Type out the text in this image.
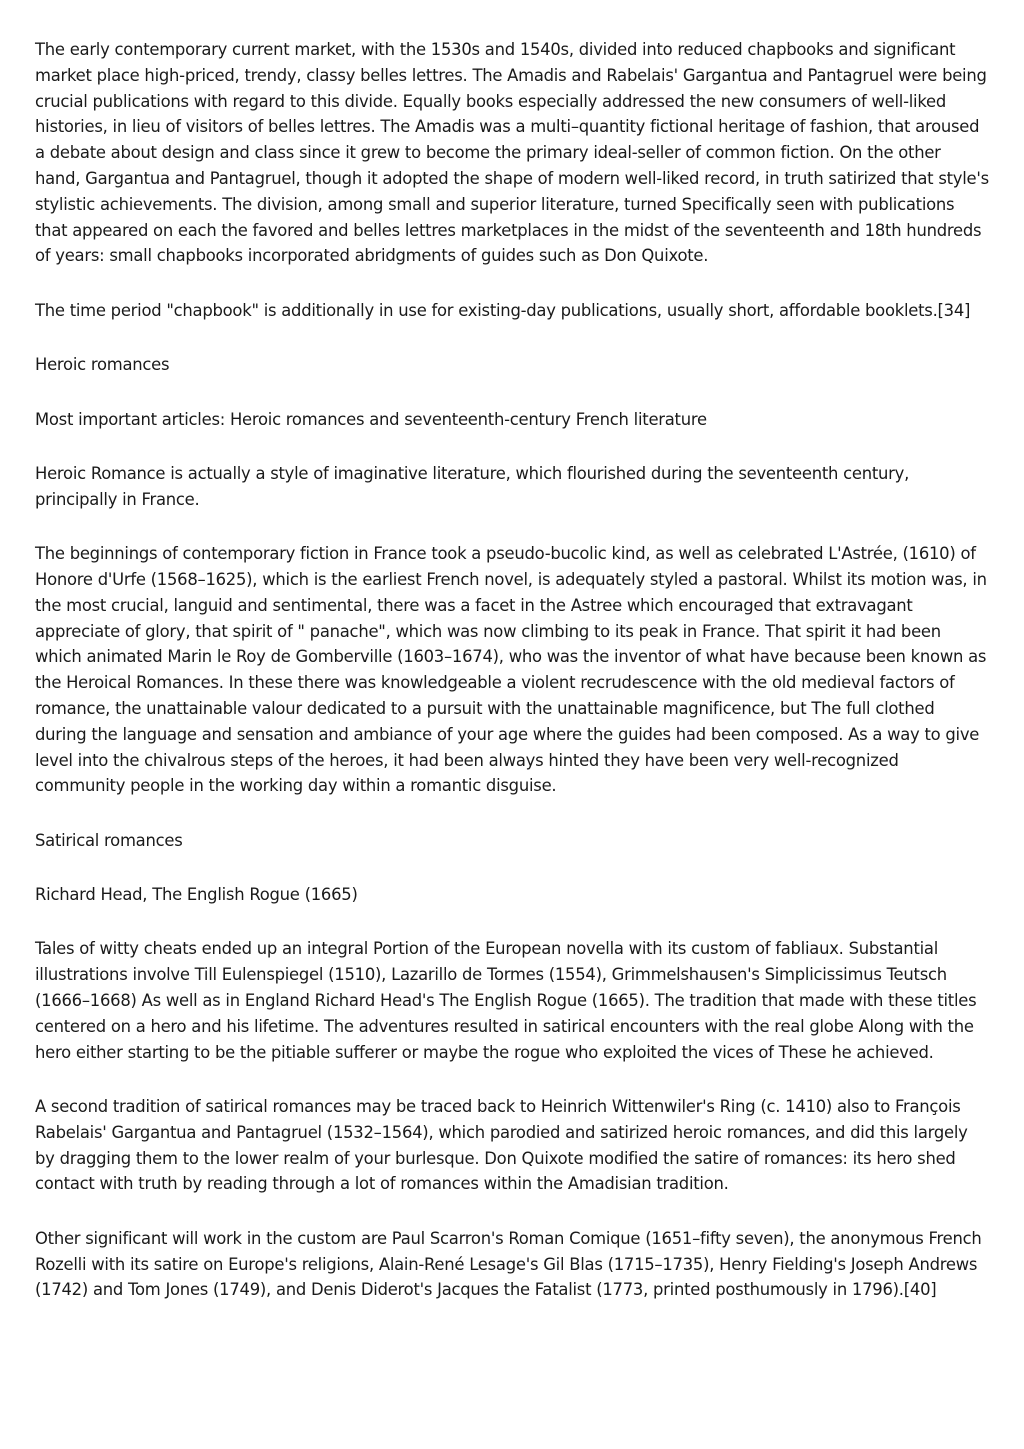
The early contemporary current market, with the 1530s and 1540s, divided into reduced chapbooks and significant market place high-priced, trendy, classy belles lettres. The Amadis and Rabelais' Gargantua and Pantagruel were being crucial publications with regard to this divide. Equally books especially addressed the new consumers of well-liked histories, in lieu of visitors of belles lettres. The Amadis was a multi–quantity fictional heritage of fashion, that aroused a debate about design and class since it grew to become the primary ideal-seller of common fiction. On the other hand, Gargantua and Pantagruel, though it adopted the shape of modern well-liked record, in truth satirized that style's stylistic achievements. The division, among small and superior literature, turned Specifically seen with publications that appeared on each the favored and belles lettres marketplaces in the midst of the seventeenth and 18th hundreds of years: small chapbooks incorporated abridgments of guides such as Don Quixote.

The time period "chapbook" is additionally in use for existing-day publications, usually short, affordable booklets.[34]

Heroic romances

Most important articles: Heroic romances and seventeenth-century French literature

Heroic Romance is actually a style of imaginative literature, which flourished during the seventeenth century, principally in France.

The beginnings of contemporary fiction in France took a pseudo-bucolic kind, as well as celebrated L'Astrée, (1610) of Honore d'Urfe (1568–1625), which is the earliest French novel, is adequately styled a pastoral. Whilst its motion was, in the most crucial, languid and sentimental, there was a facet in the Astree which encouraged that extravagant appreciate of glory, that spirit of " panache", which was now climbing to its peak in France. That spirit it had been which animated Marin le Roy de Gomberville (1603–1674), who was the inventor of what have because been known as the Heroical Romances. In these there was knowledgeable a violent recrudescence with the old medieval factors of romance, the unattainable valour dedicated to a pursuit with the unattainable magnificence, but The full clothed during the language and sensation and ambiance of your age where the guides had been composed. As a way to give level into the chivalrous steps of the heroes, it had been always hinted they have been very well-recognized community people in the working day within a romantic disguise.

Satirical romances

Richard Head, The English Rogue (1665)

Tales of witty cheats ended up an integral Portion of the European novella with its custom of fabliaux. Substantial illustrations involve Till Eulenspiegel (1510), Lazarillo de Tormes (1554), Grimmelshausen's Simplicissimus Teutsch (1666–1668) As well as in England Richard Head's The English Rogue (1665). The tradition that made with these titles centered on a hero and his lifetime. The adventures resulted in satirical encounters with the real globe Along with the hero either starting to be the pitiable sufferer or maybe the rogue who exploited the vices of These he achieved.

A second tradition of satirical romances may be traced back to Heinrich Wittenwiler's Ring (c. 1410) also to François Rabelais' Gargantua and Pantagruel (1532–1564), which parodied and satirized heroic romances, and did this largely by dragging them to the lower realm of your burlesque. Don Quixote modified the satire of romances: its hero shed contact with truth by reading through a lot of romances within the Amadisian tradition.

Other significant will work in the custom are Paul Scarron's Roman Comique (1651–fifty seven), the anonymous French Rozelli with its satire on Europe's religions, Alain-René Lesage's Gil Blas (1715–1735), Henry Fielding's Joseph Andrews (1742) and Tom Jones (1749), and Denis Diderot's Jacques the Fatalist (1773, printed posthumously in 1796).[40]
